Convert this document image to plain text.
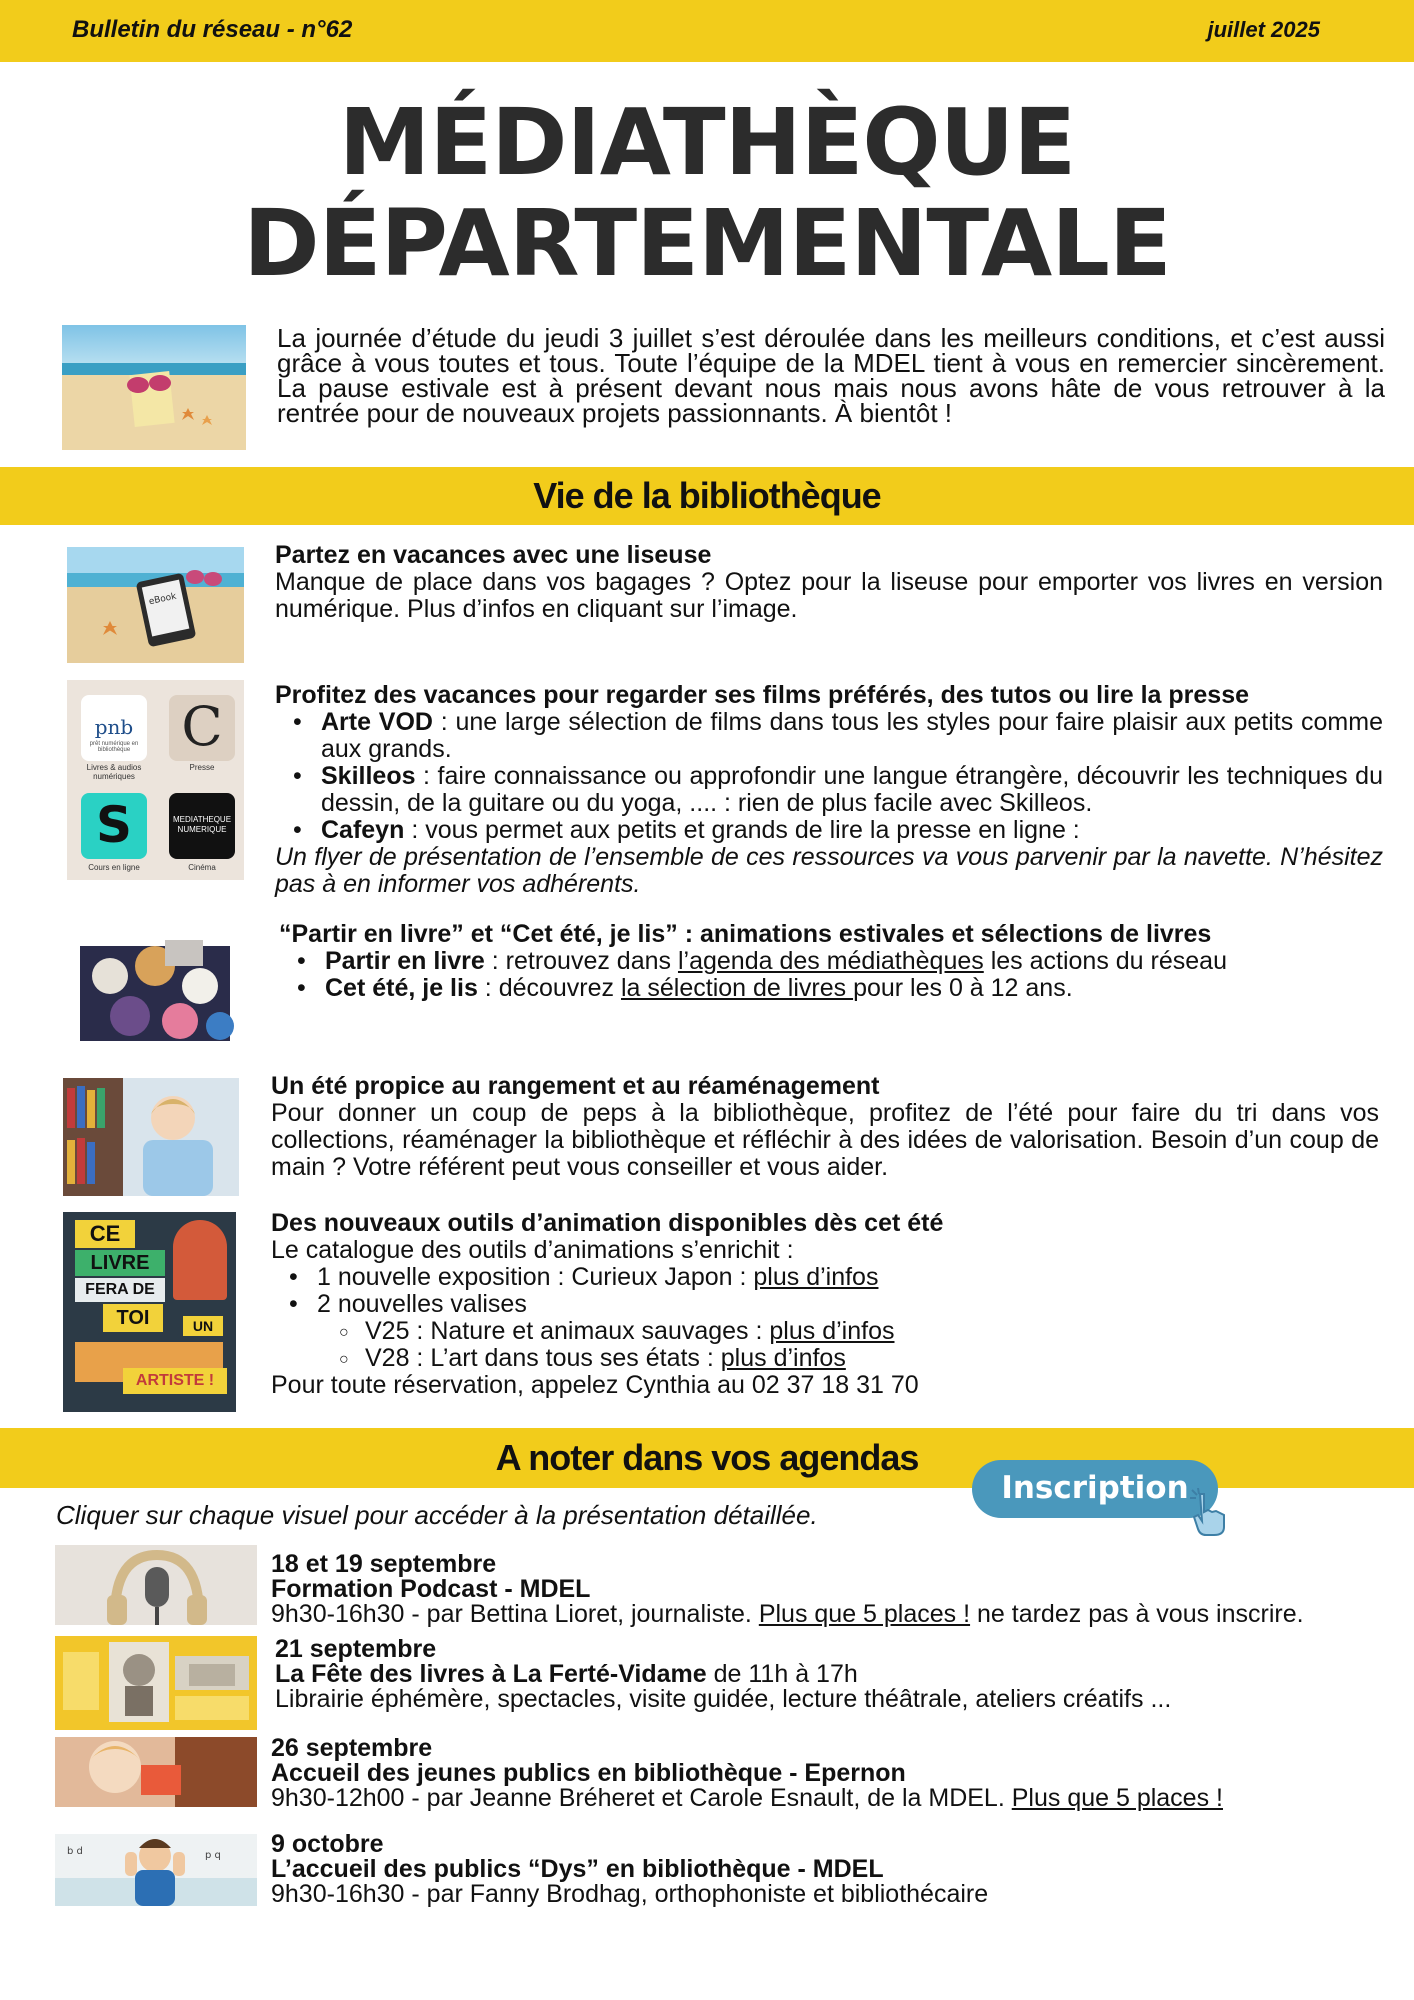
Bulletin du réseau - n°62	juillet 2025
MÉDIATHÈQUE
DÉPARTEMENTALE
La journée d’étude du jeudi 3 juillet s’est déroulée dans les meilleurs conditions, et c’est aussi grâce à vous toutes et tous. Toute l’équipe de la MDEL tient à vous en remercier sincèrement. La pause estivale est à présent devant nous mais nous avons hâte de vous retrouver à la rentrée pour de nouveaux projets passionnants. À bientôt !
Vie de la bibliothèque
eBook
Partez en vacances avec une liseuse
Manque de place dans vos bagages ? Optez pour la liseuse pour emporter vos livres en version numérique. Plus d’infos en cliquant sur l’image.
pnb
prêt numérique en bibliothèque
Livres & audios numériques
C
Presse
S
Cours en ligne
MEDIATHEQUE NUMERIQUE
Cinéma
Profitez des vacances pour regarder ses films préférés, des tutos ou lire la presse
• Arte VOD : une large sélection de films dans tous les styles pour faire plaisir aux petits comme aux grands.
• Skilleos : faire connaissance ou approfondir une langue étrangère, découvrir les techniques du dessin, de la guitare ou du yoga, .... : rien de plus facile avec Skilleos.
• Cafeyn : vous permet aux petits et grands de lire la presse en ligne :
Un flyer de présentation de l’ensemble de ces ressources va vous parvenir par la navette. N’hésitez pas à en informer vos adhérents.
“Partir en livre” et “Cet été, je lis” : animations estivales et sélections de livres
• Partir en livre : retrouvez dans l’agenda des médiathèques les actions du réseau
• Cet été, je lis : découvrez la sélection de livres pour les 0 à 12 ans.
Un été propice au rangement et au réaménagement
Pour donner un coup de peps à la bibliothèque, profitez de l’été pour faire du tri dans vos collections, réaménager la bibliothèque et réfléchir à des idées de valorisation. Besoin d’un coup de main ? Votre référent peut vous conseiller et vous aider.
CE
LIVRE
FERA DE
TOI	UN
ARTISTE !
Des nouveaux outils d’animation disponibles dès cet été
Le catalogue des outils d’animations s’enrichit :
• 1 nouvelle exposition : Curieux Japon : plus d’infos
• 2 nouvelles valises
○ V25 : Nature et animaux sauvages : plus d’infos
○ V28 : L’art dans tous ses états : plus d’infos
Pour toute réservation, appelez Cynthia au 02 37 18 31 70
A noter dans vos agendas
Inscription
Cliquer sur chaque visuel pour accéder à la présentation détaillée.
18 et 19 septembre
Formation Podcast - MDEL
9h30-16h30 - par Bettina Lioret, journaliste. Plus que 5 places ! ne tardez pas à vous inscrire.
21 septembre
La Fête des livres à La Ferté-Vidame de 11h à 17h
Librairie éphémère, spectacles, visite guidée, lecture théâtrale, ateliers créatifs ...
26 septembre
Accueil des jeunes publics en bibliothèque - Epernon
9h30-12h00 - par Jeanne Bréheret et Carole Esnault, de la MDEL. Plus que 5 places !
b d	p q 9 octobre
L’accueil des publics “Dys” en bibliothèque - MDEL
9h30-16h30 - par Fanny Brodhag, orthophoniste et bibliothécaire
